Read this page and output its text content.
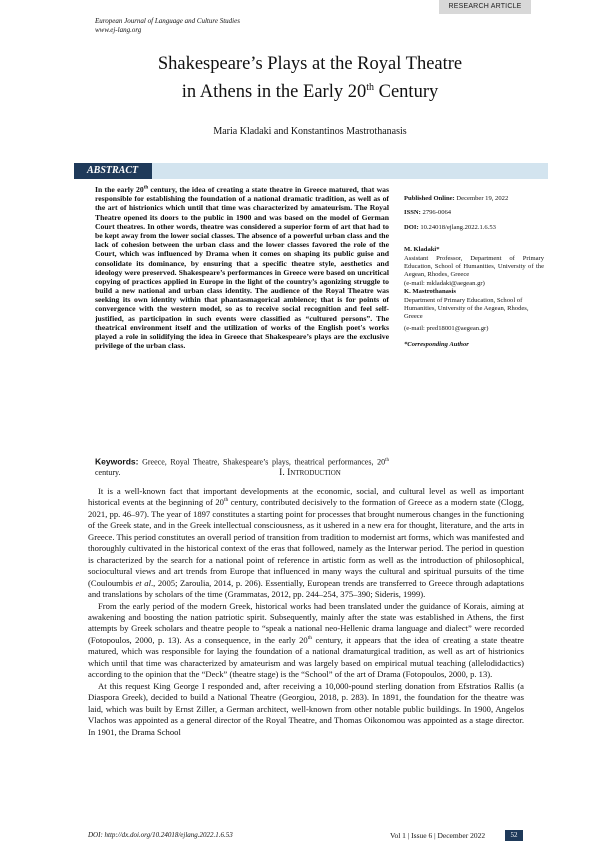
RESEARCH ARTICLE
European Journal of Language and Culture Studies
www.ej-lang.org
Shakespeare’s Plays at the Royal Theatre
in Athens in the Early 20th Century
Maria Kladaki and Konstantinos Mastrothanasis
ABSTRACT

In the early 20th century, the idea of creating a state theatre in Greece matured, that was responsible for establishing the foundation of a national dramatic tradition, as well as of the art of histrionics which until that time was characterized by amateurism. The Royal Theatre opened its doors to the public in 1900 and was based on the model of German Court theatres. In other words, theatre was considered a superior form of art that had to be kept away from the lower social classes. The absence of a powerful urban class and the lack of cohesion between the urban class and the lower classes favored the role of the Court, which was influenced by Drama when it comes on shaping its public guise and consolidate its dominance, by ensuring that a specific theatre style, aesthetics and ideology were preserved. Shakespeare’s performances in Greece were based on uncritical copying of practices applied in Europe in the light of the country’s agonizing struggle to build a new national and urban class identity. The audience of the Royal Theatre was seeking its own identity within that phantasmagorical ambience; that is for points of convergence with the western model, so as to receive social recognition and feel self-justified, as participation in such events were classified as “cultured persons”. The theatrical environment itself and the utilization of works of the English poet's works played a role in solidifying the idea in Greece that Shakespeare’s plays are the exclusive privilege of the urban class.

Published Online: December 19, 2022
ISSN: 2796-0064
DOI: 10.24018/ejlang.2022.1.6.53
M. Kladaki*
Assistant Professor, Department of Primary Education, School of Humanities, University of the Aegean, Rhodes, Greece
(e-mail: mkladaki@aegean.gr)
K. Mastrothanasis
Department of Primary Education, School of Humanities, University of the Aegean, Rhodes, Greece
(e-mail: pred18001@aegean.gr)
*Corresponding Author
Keywords: Greece, Royal Theatre, Shakespeare’s plays, theatrical performances, 20th century.	I. Introduction

It is a well-known fact that important developments at the economic, social, and cultural level as well as important historical events at the beginning of 20th century, contributed decisively to the formation of Greece as a modern state (Clogg, 2021, pp. 46–97). The year of 1897 constitutes a starting point for processes that brought numerous changes in the functioning of the Greek state, and in the Greek intellectual consciousness, as it ushered in a new era for thought, literature, and the arts in Greece. This period constitutes an overall period of transition from tradition to modernist art forms, which was manifested and thoroughly cultivated in the historical context of the eras that followed, namely as the Interwar period. The period in question is characterized by the search for a national point of reference in artistic form as well as the introduction of philosophical, sociocultural views and art trends from Europe that influenced in many ways the cultural and spiritual pursuits of the time (Couloumbis et al., 2005; Zaroulia, 2014, p. 206). Essentially, European trends are transferred to Greece through adaptations and translations by scholars of the time (Grammatas, 2012, pp. 244–254, 375–390; Sideris, 1999).

From the early period of the modern Greek, historical works had been translated under the guidance of Korais, aiming at awakening and boosting the nation patriotic spirit. Subsequently, mainly after the state was established in Athens, the first attempts by Greek scholars and theatre people to “speak a national neo-Hellenic drama language and dialect” were recorded (Fotopoulos, 2000, p. 13). As a consequence, in the early 20th century, it appears that the idea of creating a state theatre matured, which was responsible for laying the foundation of a national dramaturgical tradition, as well as art of histrionics which until that time was characterized by amateurism and was largely based on empirical mutual teaching (allelodidactics) according to the opinion that the “Deck” (theatre stage) is the “School” of the art of Drama (Fotopoulos, 2000, p. 13).

At this request King George I responded and, after receiving a 10,000-pound sterling donation from Efstratios Rallis (a Diaspora Greek), decided to build a National Theatre (Georgiou, 2018, p. 283). In 1891, the foundation for the theatre was laid, which was built by Ernst Ziller, a German architect, well-known from other notable public buildings. In 1900, Angelos Vlachos was appointed as a general director of the Royal Theatre, and Thomas Oikonomou was appointed as a stage director. In 1901, the Drama School

DOI: http://dx.doi.org/10.24018/ejlang.2022.1.6.53	Vol 1 | Issue 6 | December 2022	52
